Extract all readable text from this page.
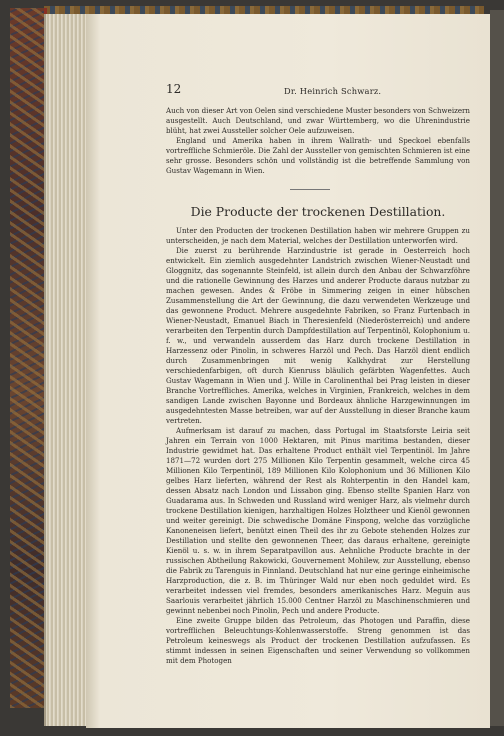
12	Dr. Heinrich Schwarz.

Auch von dieser Art von Oelen sind verschiedene Muster besonders von Schweizern ausgestellt. Auch Deutschland, und zwar Württemberg, wo die Uhrenindustrie blüht, hat zwei Aussteller solcher Oele aufzuweisen.

England und Amerika haben in ihrem Wallrath- und Speckoel ebenfalls vortreffliche Schmieröle. Die Zahl der Aussteller von gemischten Schmieren ist eine sehr grosse. Besonders schön und vollständig ist die betreffende Sammlung von Gustav Wagemann in Wien.

Die Producte der trockenen Destillation.

Unter den Producten der trockenen Destillation haben wir mehrere Gruppen zu unterscheiden, je nach dem Material, welches der Destillation unterworfen wird.

Die zuerst zu berührende Harzindustrie ist gerade in Oesterreich hoch entwickelt. Ein ziemlich ausgedehnter Landstrich zwischen Wiener-Neustadt und Gloggnitz, das sogenannte Steinfeld, ist allein durch den Anbau der Schwarzföhre und die rationelle Gewinnung des Harzes und anderer Producte daraus nutzbar zu machen gewesen. Andes & Fröbe in Simmering zeigen in einer hübschen Zusammenstellung die Art der Gewinnung, die dazu verwendeten Werkzeuge und das gewonnene Product. Mehrere ausgedehnte Fabriken, so Franz Furtenbach in Wiener-Neustadt, Emanuel Biach in Theresienfeld (Niederösterreich) und andere verarbeiten den Terpentin durch Dampfdestillation auf Terpentinöl, Kolophonium u. f. w., und verwandeln ausserdem das Harz durch trockene Destillation in Harzessenz oder Pinolin, in schweres Harzöl und Pech. Das Harzöl dient endlich durch Zusammenbringen mit wenig Kalkhydrat zur Herstellung verschiedenfarbigen, oft durch Kienruss bläulich gefärbten Wagenfettes. Auch Gustav Wagemann in Wien und J. Wille in Carolinenthal bei Prag leisten in dieser Branche Vortreffliches. Amerika, welches in Virginien, Frankreich, welches in dem sandigen Lande zwischen Bayonne und Bordeaux ähnliche Harzgewinnungen im ausgedehntesten Masse betreiben, war auf der Ausstellung in dieser Branche kaum vertreten.

Aufmerksam ist darauf zu machen, dass Portugal im Staatsforste Leiria seit Jahren ein Terrain von 1000 Hektaren, mit Pinus maritima bestanden, dieser Industrie gewidmet hat. Das erhaltene Product enthält viel Terpentinöl. Im Jahre 1871—72 wurden dort 275 Millionen Kilo Terpentin gesammelt, welche circa 45 Millionen Kilo Terpentinöl, 189 Millionen Kilo Kolophonium und 36 Millionen Kilo gelbes Harz lieferten, während der Rest als Rohterpentin in den Handel kam, dessen Absatz nach London und Lissabon ging. Ebenso stellte Spanien Harz von Guadarama aus. In Schweden und Russland wird weniger Harz, als vielmehr durch trockene Destillation kienigen, harzhaltigen Holzes Holztheer und Kienöl gewonnen und weiter gereinigt. Die schwedische Domäne Finspong, welche das vorzügliche Kanoneneisen liefert, benützt einen Theil des ihr zu Gebote stehenden Holzes zur Destillation und stellte den gewonnenen Theer, das daraus erhaltene, gereinigte Kienöl u. s. w. in ihrem Separatpavillon aus. Aehnliche Producte brachte in der russischen Abtheilung Rakowicki, Gouvernement Mohilew, zur Ausstellung, ebenso die Fabrik zu Tarenguis in Finnland. Deutschland hat nur eine geringe einheimische Harzproduction, die z. B. im Thüringer Wald nur eben noch geduldet wird. Es verarbeitet indessen viel fremdes, besonders amerikanisches Harz. Meguin aus Saarlouis verarbeitet jährlich 15.000 Centner Harzöl zu Maschinenschmieren und gewinnt nebenbei noch Pinolin, Pech und andere Producte.

Eine zweite Gruppe bilden das Petroleum, das Photogen und Paraffin, diese vortrefflichen Beleuchtungs-Kohlenwasserstoffe. Streng genommen ist das Petroleum keineswegs als Product der trockenen Destillation aufzufassen. Es stimmt indessen in seinen Eigenschaften und seiner Verwendung so vollkommen mit dem Photogen
